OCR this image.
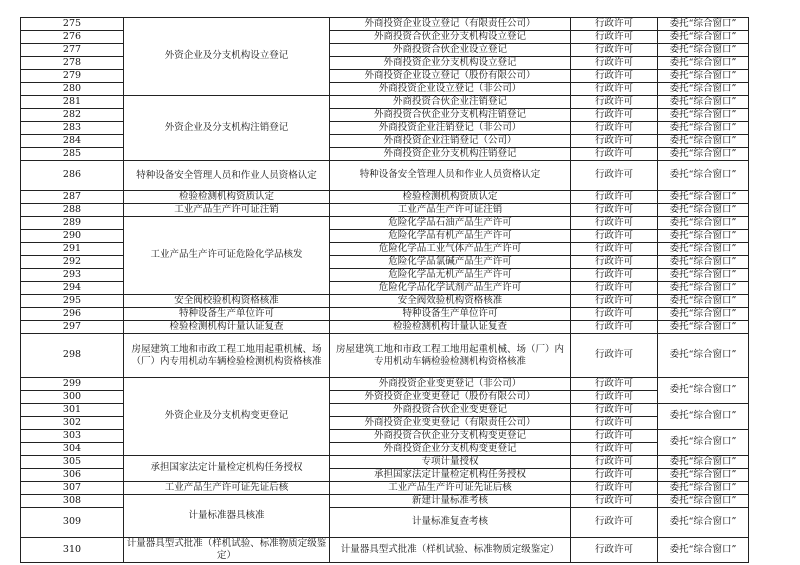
275	外资企业及分支机构设立登记	外商投资企业设立登记（有限责任公司）	行政许可	委托“综合窗口”
276		外商投资合伙企业分支机构设立登记	行政许可	委托“综合窗口”
277		外商投资合伙企业设立登记	行政许可	委托“综合窗口”
278		外商投资企业分支机构设立登记	行政许可	委托“综合窗口”
279		外商投资企业设立登记（股份有限公司）	行政许可	委托“综合窗口”
280		外商投资企业设立登记（非公司）	行政许可	委托“综合窗口”
281	外资企业及分支机构注销登记	外商投资合伙企业注销登记	行政许可	委托“综合窗口”
282		外商投资合伙企业分支机构注销登记	行政许可	委托“综合窗口”
283		外商投资企业注销登记（非公司）	行政许可	委托“综合窗口”
284		外商投资企业注销登记（公司）	行政许可	委托“综合窗口”
285		外商投资企业分支机构注销登记	行政许可	委托“综合窗口”
286	特种设备安全管理人员和作业人员资格认定	特种设备安全管理人员和作业人员资格认定	行政许可	委托“综合窗口”
287	检验检测机构资质认定	检验检测机构资质认定	行政许可	委托“综合窗口”
288	工业产品生产许可证注销	工业产品生产许可证注销	行政许可	委托“综合窗口”
289	工业产品生产许可证危险化学品核发	危险化学品石油产品生产许可	行政许可	委托“综合窗口”
290		危险化学品有机产品生产许可	行政许可	委托“综合窗口”
291		危险化学品工业气体产品生产许可	行政许可	委托“综合窗口”
292		危险化学品氯碱产品生产许可	行政许可	委托“综合窗口”
293		危险化学品无机产品生产许可	行政许可	委托“综合窗口”
294		危险化学品化学试剂产品生产许可	行政许可	委托“综合窗口”
295	安全阀校验机构资格核准	安全阀效验机构资格核准	行政许可	委托“综合窗口”
296	特种设备生产单位许可	特种设备生产单位许可	行政许可	委托“综合窗口”
297	检验检测机构计量认证复查	检验检测机构计量认证复查	行政许可	委托“综合窗口”
298	房屋建筑工地和市政工程工地用起重机械、场（厂）内专用机动车辆检验检测机构资格核准	房屋建筑工地和市政工程工地用起重机械、场（厂）内专用机动车辆检验检测机构资格核准	行政许可	委托“综合窗口”
299	外资企业及分支机构变更登记	外商投资企业变更登记（非公司）	行政许可	委托“综合窗口”
300		外资投资企业变更登记（股份有限公司）	行政许可	
301		外商投资合伙企业变更登记	行政许可	委托“综合窗口”
302		外商投资企业变更登记（有限责任公司）	行政许可	
303		外商投资合伙企业分支机构变更登记	行政许可	委托“综合窗口”
304		外商投资企业分支机构变更登记	行政许可	
305	承担国家法定计量检定机构任务授权	专项计量授权	行政许可	委托“综合窗口”
306		承担国家法定计量检定机构任务授权	行政许可	委托“综合窗口”
307	工业产品生产许可证先证后核	工业产品生产许可证先证后核	行政许可	委托“综合窗口”
308	计量标准器具核准	新建计量标准考核	行政许可	委托“综合窗口”
309		计量标准复查考核	行政许可	委托“综合窗口”
310	计量器具型式批准（样机试验、标准物质定级鉴定）	计量器具型式批准（样机试验、标准物质定级鉴定）	行政许可	委托“综合窗口”
